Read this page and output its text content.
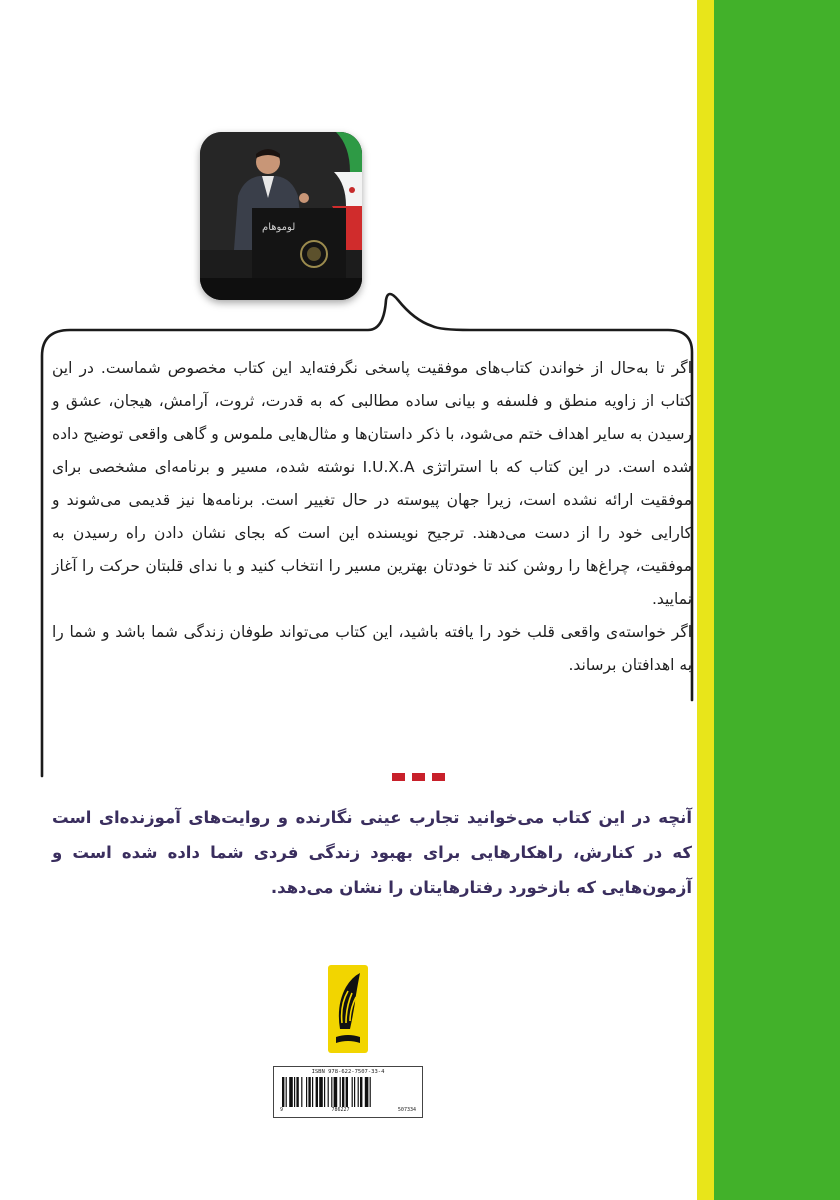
لوموهام

اگر تا به‌حال از خواندن کتاب‌های موفقیت پاسخی نگرفته‌اید این کتاب مخصوص شماست. در این کتاب از زاویه منطق و فلسفه و بیانی ساده مطالبی که به قدرت، ثروت، آرامش، هیجان، عشق و رسیدن به سایر اهداف ختم می‌شود، با ذکر داستان‌ها و مثال‌هایی ملموس و گاهی واقعی توضیح داده شده است. در این کتاب که با استراتژی I.U.X.A نوشته شده، مسیر و برنامه‌ای مشخصی برای موفقیت ارائه نشده است، زیرا جهان پیوسته در حال تغییر است. برنامه‌ها نیز قدیمی می‌شوند و کارایی خود را از دست می‌دهند. ترجیح نویسنده این است که بجای نشان دادن راه رسیدن به موفقیت، چراغ‌ها را روشن کند تا خودتان بهترین مسیر را انتخاب کنید و با ندای قلبتان حرکت را آغاز نمایید.

اگر خواسته‌ی واقعی قلب خود را یافته باشید، این کتاب می‌تواند طوفان زندگی شما باشد و شما را به اهدافتان برساند.

آنچه در این کتاب می‌خوانید تجارب عینی نگارنده و روایت‌های آموزنده‌ای است که در کنارش، راهکارهایی برای بهبود زندگی فردی شما داده شده است و آزمون‌هایی که بازخورد رفتارهایتان را نشان می‌دهد.

ISBN 978-622-7507-33-4
9	786227	507334
